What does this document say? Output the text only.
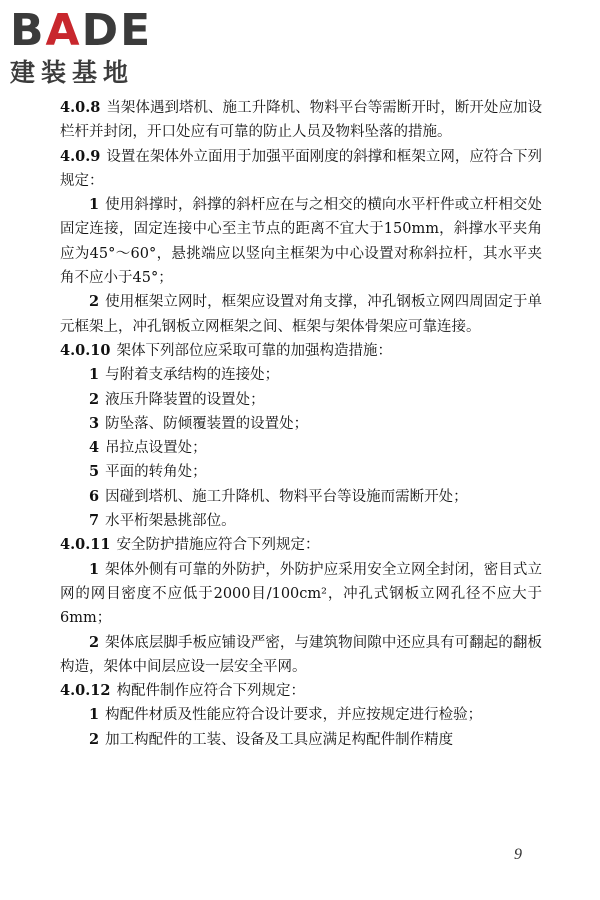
BADE
建装基地

4.0.8 当架体遇到塔机、施工升降机、物料平台等需断开时，断开处应加设栏杆并封闭，开口处应有可靠的防止人员及物料坠落的措施。

4.0.9 设置在架体外立面用于加强平面刚度的斜撑和框架立网，应符合下列规定：

1 使用斜撑时，斜撑的斜杆应在与之相交的横向水平杆件或立杆相交处固定连接，固定连接中心至主节点的距离不宜大于150mm，斜撑水平夹角应为45°～60°，悬挑端应以竖向主框架为中心设置对称斜拉杆，其水平夹角不应小于45°；

2 使用框架立网时，框架应设置对角支撑，冲孔钢板立网四周固定于单元框架上，冲孔钢板立网框架之间、框架与架体骨架应可靠连接。

4.0.10 架体下列部位应采取可靠的加强构造措施：

1 与附着支承结构的连接处；

2 液压升降装置的设置处；

3 防坠落、防倾覆装置的设置处；

4 吊拉点设置处；

5 平面的转角处；

6 因碰到塔机、施工升降机、物料平台等设施而需断开处；

7 水平桁架悬挑部位。

4.0.11 安全防护措施应符合下列规定：

1 架体外侧有可靠的外防护，外防护应采用安全立网全封闭，密目式立网的网目密度不应低于2000目/100cm²，冲孔式钢板立网孔径不应大于6mm；

2 架体底层脚手板应铺设严密，与建筑物间隙中还应具有可翻起的翻板构造，架体中间层应设一层安全平网。

4.0.12 构配件制作应符合下列规定：

1 构配件材质及性能应符合设计要求，并应按规定进行检验；

2 加工构配件的工装、设备及工具应满足构配件制作精度

9
